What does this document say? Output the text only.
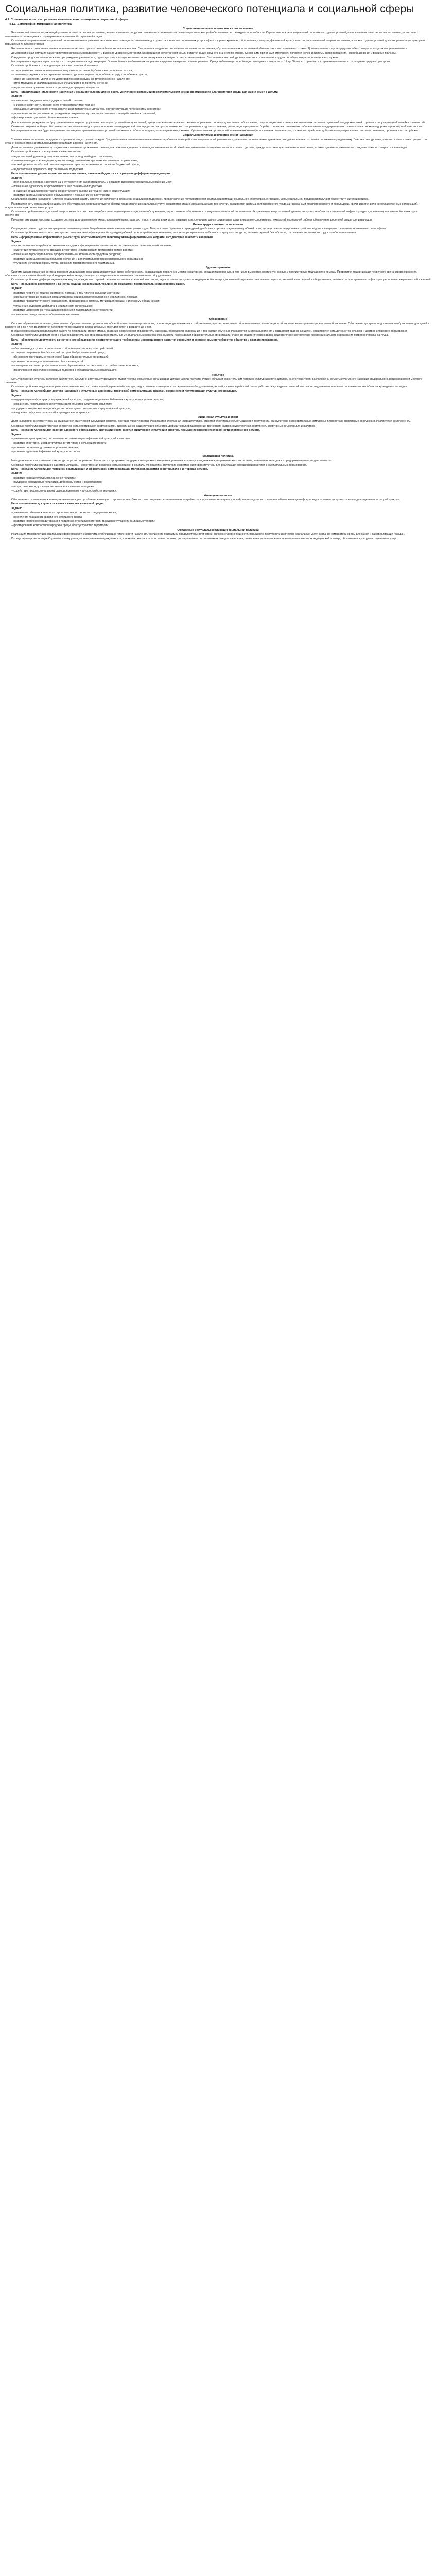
Социальная политика, развитие человеческого потенциала и социальной сферы
4.1. Социальная политика, развитие человеческого потенциала и социальной сферы
4.1.1. Демография, миграционная политика
Социальная политика и качество жизни населения

Человеческий капитал, отражающий уровень и качество жизни населения, является главным ресурсом социально-экономического развития региона, который обеспечивает его конкурентоспособность. Стратегическая цель социальной политики – создание условий для повышения качества жизни населения, развития его человеческого потенциала и формирования гармоничной социальной среды.

Основными направлениями социальной политики являются развитие человеческого потенциала, повышение доступности и качества социальных услуг в сферах здравоохранения, образования, культуры, физической культуры и спорта, социальной защиты населения, а также создание условий для самореализации граждан и повышения их благосостояния.

Численность постоянного населения на начало отчетного года составила более миллиона человек. Сохраняется тенденция сокращения численности населения, обусловленная как естественной убылью, так и миграционным оттоком. Доля населения старше трудоспособного возраста продолжает увеличиваться.

Демографическая ситуация характеризуется снижением рождаемости и высоким уровнем смертности. Коэффициент естественной убыли остается выше среднего значения по стране. Основными причинами смертности являются болезни системы кровообращения, новообразования и внешние причины.

Ожидаемая продолжительность жизни при рождении увеличилась, однако разрыв в продолжительности жизни мужчин и женщин остается значительным. Сохраняется высокий уровень смертности населения в трудоспособном возрасте, прежде всего мужчин.

Миграционная ситуация характеризуется отрицательным сальдо миграции. Основной поток выбывающих направлен в крупные центры и соседние регионы. Среди выбывающих преобладает молодежь в возрасте от 17 до 30 лет, что приводит к старению населения и сокращению трудовых ресурсов.

Основные проблемы в сфере демографии и миграционной политики:

– сокращение численности населения вследствие естественной убыли и миграционного оттока;

– снижение рождаемости и сохранение высокого уровня смертности, особенно в трудоспособном возрасте;

– старение населения, увеличение демографической нагрузки на трудоспособное население;

– отток молодежи и квалифицированных специалистов за пределы региона;

– недостаточная привлекательность региона для трудовых мигрантов.

Цель – стабилизация численности населения и создание условий для ее роста, увеличение ожидаемой продолжительности жизни, формирование благоприятной среды для жизни семей с детьми.

Задачи:

– повышение рождаемости и поддержка семей с детьми;

– снижение смертности, прежде всего от предотвратимых причин;

– сокращение миграционного оттока населения и привлечение мигрантов, соответствующих потребностям экономики;

– укрепление института семьи, возрождение и сохранение духовно-нравственных традиций семейных отношений;

– формирование здорового образа жизни населения.

Для повышения рождаемости будут реализованы меры по улучшению жилищных условий молодых семей, предоставлению материнского капитала, развитию системы дошкольного образования, сопровождающиеся совершенствованием системы социальной поддержки семей с детьми и популяризацией семейных ценностей.

Снижение смертности будет обеспечено за счет повышения доступности и качества медицинской помощи, развития профилактического направления в здравоохранении, реализации программ по борьбе с социально значимыми заболеваниями, предупреждению травматизма и снижению дорожно-транспортной смертности.

Миграционная политика будет направлена на создание привлекательных условий для жизни и работы молодежи, возвращение выпускников образовательных организаций, привлечение квалифицированных специалистов, а также на содействие добровольному переселению соотечественников, проживающих за рубежом.

Социальная политика и качество жизни населения

Уровень жизни населения определяется прежде всего доходами граждан. Среднемесячная номинальная начисленная заработная плата работников организаций увеличилась, реальные располагаемые денежные доходы населения сохраняют положительную динамику. Вместе с тем уровень доходов остается ниже среднего по стране, сохраняется значительная дифференциация доходов населения.

Доля населения с денежными доходами ниже величины прожиточного минимума снижается, однако остается достаточно высокой. Наиболее уязвимыми категориями являются семьи с детьми, прежде всего многодетные и неполные семьи, а также одиноко проживающие граждане пожилого возраста и инвалиды.

Основные проблемы в сфере уровня и качества жизни:

– недостаточный уровень доходов населения, высокая доля бедного населения;

– значительная дифференциация доходов между различными группами населения и территориями;

– низкий уровень заработной платы в отдельных отраслях экономики, в том числе бюджетной сферы;

– недостаточная адресность мер социальной поддержки.

Цель – повышение уровня и качества жизни населения, снижение бедности и сокращение дифференциации доходов.

Задачи:

– рост реальных доходов населения за счет увеличения заработной платы и создания высокопроизводительных рабочих мест;

– повышение адресности и эффективности мер социальной поддержки;

– внедрение социального контракта как инструмента выхода из трудной жизненной ситуации;

– развитие системы социального обслуживания и повышение ее доступности.

Социальная защита населения. Система социальной защиты населения включает в себя меры социальной поддержки, предоставление государственной социальной помощи, социальное обслуживание граждан. Меры социальной поддержки получают более трети жителей региона.

Развивается сеть организаций социального обслуживания, совершенствуются формы предоставления социальных услуг, внедряются стационарозамещающие технологии, развивается система долговременного ухода за гражданами пожилого возраста и инвалидами. Увеличивается доля негосударственных организаций, предоставляющих социальные услуги.

Основными проблемами социальной защиты являются: высокая потребность в стационарном социальном обслуживании, недостаточная обеспеченность кадрами организаций социального обслуживания, недостаточный уровень доступности объектов социальной инфраструктуры для инвалидов и маломобильных групп населения.

Приоритетами развития станут создание системы долговременного ухода, повышение качества и доступности социальных услуг, развитие конкуренции на рынке социальных услуг, внедрение современных технологий социальной работы, обеспечение доступной среды для инвалидов.

Рынок труда и занятость населения

Ситуация на рынке труда характеризуется снижением уровня безработицы и напряженности на рынке труда. Вместе с тем сохраняется структурный дисбаланс спроса и предложения рабочей силы, дефицит квалифицированных рабочих кадров и специалистов инженерно-технического профиля.

Основные проблемы: несоответствие профессионально-квалификационной структуры рабочей силы потребностям экономики, низкая территориальная мобильность трудовых ресурсов, наличие скрытой безработицы, сокращение численности трудоспособного населения.

Цель – формирование эффективного рынка труда, обеспечивающего экономику квалифицированными кадрами, и содействие занятости населения.

Задачи:

– прогнозирование потребности экономики в кадрах и формирование на его основе системы профессионального образования;

– содействие трудоустройству граждан, в том числе испытывающих трудности в поиске работы;

– повышение территориальной и профессиональной мобильности трудовых ресурсов;

– развитие системы профессионального обучения и дополнительного профессионального образования;

– улучшение условий и охраны труда, снижение производственного травматизма.

Здравоохранение

Система здравоохранения региона включает медицинские организации различных форм собственности, оказывающие первичную медико-санитарную, специализированную, в том числе высокотехнологичную, скорую и паллиативную медицинскую помощь. Проводится модернизация первичного звена здравоохранения, обновляется парк автомобилей скорой медицинской помощи, оснащаются медицинские организации современным оборудованием.

Основные проблемы: дефицит медицинских кадров, прежде всего врачей первичного звена и в сельской местности; недостаточная доступность медицинской помощи для жителей отдаленных населенных пунктов; высокий износ зданий и оборудования; высокая распространенность факторов риска неинфекционных заболеваний.

Цель – повышение доступности и качества медицинской помощи, увеличение ожидаемой продолжительности здоровой жизни.

Задачи:

– развитие первичной медико-санитарной помощи, в том числе в сельской местности;

– совершенствование оказания специализированной и высокотехнологичной медицинской помощи;

– развитие профилактического направления, формирование системы мотивации граждан к здоровому образу жизни;

– устранение кадрового дефицита в медицинских организациях;

– развитие цифрового контура здравоохранения и телемедицинских технологий;

– повышение лекарственного обеспечения населения.

Образование

Система образования включает дошкольные образовательные организации, общеобразовательные организации, организации дополнительного образования, профессиональные образовательные организации и образовательные организации высшего образования. Обеспечена доступность дошкольного образования для детей в возрасте от 3 до 7 лет, реализуются мероприятия по созданию дополнительных мест для детей в возрасте до 3 лет.

В общем образовании продолжается работа по ликвидации второй смены, созданию современной образовательной среды, обновлению содержания и технологий обучения. Развивается система выявления и поддержки одаренных детей, расширяется сеть детских технопарков и центров цифрового образования.

Основные проблемы: дефицит мест в общеобразовательных организациях в отдельных муниципальных образованиях, высокий износ зданий образовательных организаций, старение педагогических кадров, недостаточное соответствие профессионального образования потребностям рынка труда.

Цель – обеспечение доступности качественного образования, соответствующего требованиям инновационного развития экономики и современным потребностям общества и каждого гражданина.

Задачи:

– обеспечение доступности дошкольного образования для всех категорий детей;

– создание современной и безопасной цифровой образовательной среды;

– обновление материально-технической базы образовательных организаций;

– развитие системы дополнительного образования детей;

– приведение системы профессионального образования в соответствие с потребностями экономики;

– привлечение и закрепление молодых педагогов в образовательных организациях.

Культура

Сеть учреждений культуры включает библиотеки, культурно-досуговые учреждения, музеи, театры, концертные организации, детские школы искусств. Регион обладает значительным историко-культурным потенциалом, на его территории расположены объекты культурного наследия федерального, регионального и местного значения.

Основные проблемы: неудовлетворительное техническое состояние зданий учреждений культуры, недостаточная оснащенность современным оборудованием, низкий уровень заработной платы работников культуры в сельской местности, неудовлетворительное состояние многих объектов культурного наследия.

Цель – создание условий для доступа населения к культурным ценностям, творческой самореализации граждан, сохранение и популяризация культурного наследия.

Задачи:

– модернизация инфраструктуры учреждений культуры, создание модельных библиотек и культурно-досуговых центров;

– сохранение, использование и популяризация объектов культурного наследия;

– поддержка творческих инициатив, развитие народного творчества и традиционной культуры;

– внедрение цифровых технологий в культурное пространство.

Физическая культура и спорт

Доля населения, систематически занимающегося физической культурой и спортом, ежегодно увеличивается. Развивается спортивная инфраструктура, строятся спортивные объекты шаговой доступности, физкультурно-оздоровительные комплексы, плоскостные спортивные сооружения. Реализуется комплекс ГТО.

Основные проблемы: недостаточная обеспеченность спортивными сооружениями, высокий износ существующих объектов, дефицит квалифицированных тренерских кадров, недостаточная доступность спортивных объектов для инвалидов.

Цель – создание условий для ведения здорового образа жизни, систематических занятий физической культурой и спортом, повышение конкурентоспособности спортсменов региона.

Задачи:

– увеличение доли граждан, систематически занимающихся физической культурой и спортом;

– развитие спортивной инфраструктуры, в том числе в сельской местности;

– развитие системы подготовки спортивного резерва;

– развитие адаптивной физической культуры и спорта.

Молодежная политика

Молодежь является стратегическим ресурсом развития региона. Реализуются программы поддержки молодежных инициатив, развития волонтерского движения, патриотического воспитания, вовлечения молодежи в предпринимательскую деятельность.

Основные проблемы: миграционный отток молодежи, недостаточная вовлеченность молодежи в социальную практику, отсутствие современной инфраструктуры для реализации молодежной политики в муниципальных образованиях.

Цель – создание условий для успешной социализации и эффективной самореализации молодежи, развития ее потенциала в интересах региона.

Задачи:

– развитие инфраструктуры молодежной политики;

– поддержка молодежных инициатив, добровольчества и волонтерства;

– патриотическое и духовно-нравственное воспитание молодежи;

– содействие профессиональному самоопределению и трудоустройству молодежи.

Жилищная политика

Обеспеченность населения жильем увеличивается, растут объемы жилищного строительства. Вместе с тем сохраняется значительная потребность в улучшении жилищных условий, высокая доля ветхого и аварийного жилищного фонда, недостаточная доступность жилья для отдельных категорий граждан.

Цель – повышение доступности жилья и качества жилищной среды.

Задачи:

– увеличение объемов жилищного строительства, в том числе стандартного жилья;

– расселение граждан из аварийного жилищного фонда;

– развитие ипотечного кредитования и поддержка отдельных категорий граждан в улучшении жилищных условий;

– формирование комфортной городской среды, благоустройство территорий.

Ожидаемые результаты реализации социальной политики

Реализация мероприятий в социальной сфере позволит обеспечить стабилизацию численности населения, увеличение ожидаемой продолжительности жизни, снижение уровня бедности, повышение доступности и качества социальных услуг, создание комфортной среды для жизни и самореализации граждан.

К концу периода реализации Стратегии планируется достичь увеличения рождаемости, снижения смертности от основных причин, роста реальных располагаемых доходов населения, повышения удовлетворенности населения качеством медицинской помощи, образования, культуры и социальных услуг.
